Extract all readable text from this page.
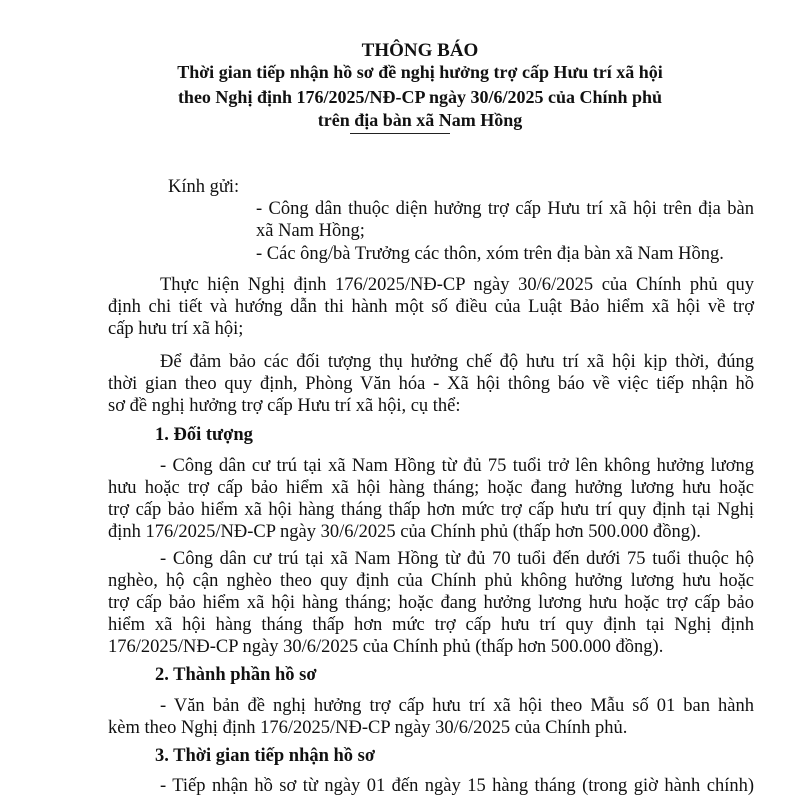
THÔNG BÁO
Thời gian tiếp nhận hồ sơ đề nghị hưởng trợ cấp Hưu trí xã hội
theo Nghị định 176/2025/NĐ-CP ngày 30/6/2025 của Chính phủ
trên địa bàn xã Nam Hồng
Kính gửi:
- Công dân thuộc diện hưởng trợ cấp Hưu trí xã hội trên địa bàn
xã Nam Hồng;
- Các ông/bà Trưởng các thôn, xóm trên địa bàn xã Nam Hồng.
Thực hiện Nghị định 176/2025/NĐ-CP ngày 30/6/2025 của Chính phủ quy
định chi tiết và hướng dẫn thi hành một số điều của Luật Bảo hiểm xã hội về trợ
cấp hưu trí xã hội;
Để đảm bảo các đối tượng thụ hưởng chế độ hưu trí xã hội kịp thời, đúng
thời gian theo quy định, Phòng Văn hóa - Xã hội thông báo về việc tiếp nhận hồ
sơ đề nghị hưởng trợ cấp Hưu trí xã hội, cụ thể:
1. Đối tượng
- Công dân cư trú tại xã Nam Hồng từ đủ 75 tuổi trở lên không hưởng lương
hưu hoặc trợ cấp bảo hiểm xã hội hàng tháng; hoặc đang hưởng lương hưu hoặc
trợ cấp bảo hiểm xã hội hàng tháng thấp hơn mức trợ cấp hưu trí quy định tại Nghị
định 176/2025/NĐ-CP ngày 30/6/2025 của Chính phủ (thấp hơn 500.000 đồng).
- Công dân cư trú tại xã Nam Hồng từ đủ 70 tuổi đến dưới 75 tuổi thuộc hộ
nghèo, hộ cận nghèo theo quy định của Chính phủ không hưởng lương hưu hoặc
trợ cấp bảo hiểm xã hội hàng tháng; hoặc đang hưởng lương hưu hoặc trợ cấp bảo
hiểm xã hội hàng tháng thấp hơn mức trợ cấp hưu trí quy định tại Nghị định
176/2025/NĐ-CP ngày 30/6/2025 của Chính phủ (thấp hơn 500.000 đồng).
2. Thành phần hồ sơ
- Văn bản đề nghị hưởng trợ cấp hưu trí xã hội theo Mẫu số 01 ban hành
kèm theo Nghị định 176/2025/NĐ-CP ngày 30/6/2025 của Chính phủ.
3. Thời gian tiếp nhận hồ sơ
- Tiếp nhận hồ sơ từ ngày 01 đến ngày 15 hàng tháng (trong giờ hành chính)
